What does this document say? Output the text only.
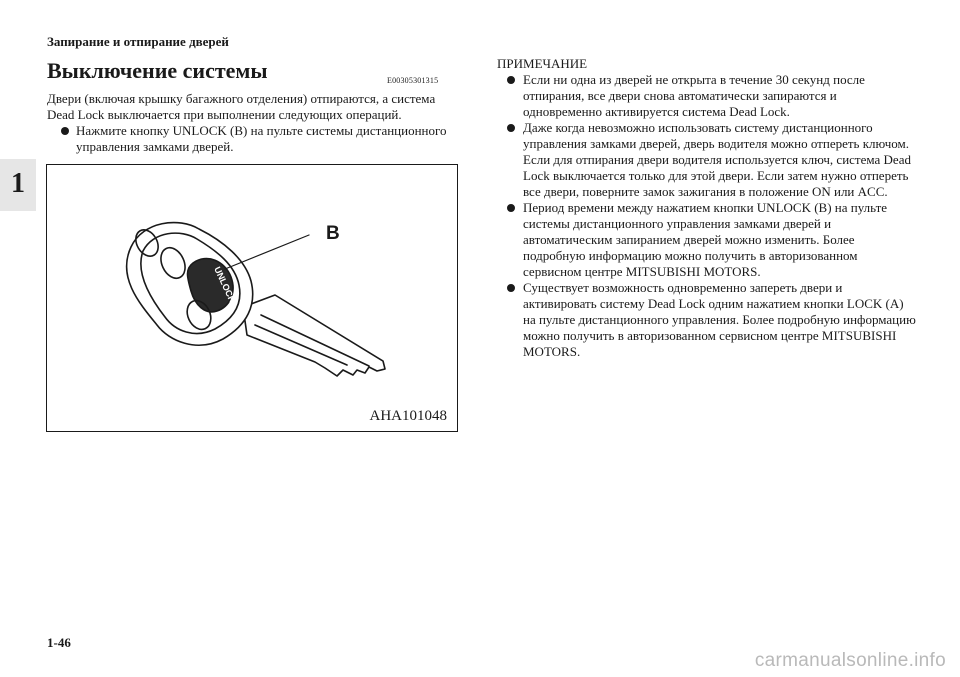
Запирание и отпирание дверей
1
Выключение системы	E00305301315

Двери (включая крышку багажного отделения) отпираются, а система Dead Lock выключается при выполнении следующих операций.

Нажмите кнопку UNLOCK (B) на пульте системы дистанционного управления замками дверей.

UNLOCK
B
AHA101048

ПРИМЕЧАНИЕ

Если ни одна из дверей не открыта в течение 30 секунд после отпирания, все двери снова автоматически запираются и одновременно активируется система Dead Lock.

Даже когда невозможно использовать систему дистанционного управления замками дверей, дверь водителя можно отпереть ключом. Если для отпирания двери водителя используется ключ, система Dead Lock выключается только для этой двери. Если затем нужно отпереть все двери, поверните замок зажигания в положение ON или ACC.

Период времени между нажатием кнопки UNLOCK (B) на пульте системы дистанционного управления замками дверей и автоматическим запиранием дверей можно изменить. Более подробную информацию можно получить в авторизованном сервисном центре MITSUBISHI MOTORS.

Существует возможность одновременно запереть двери и активировать систему Dead Lock одним нажатием кнопки LOCK (A) на пульте дистанционного управления. Более подробную информацию можно получить в авторизованном сервисном центре MITSUBISHI MOTORS.

1-46
carmanualsonline.info
